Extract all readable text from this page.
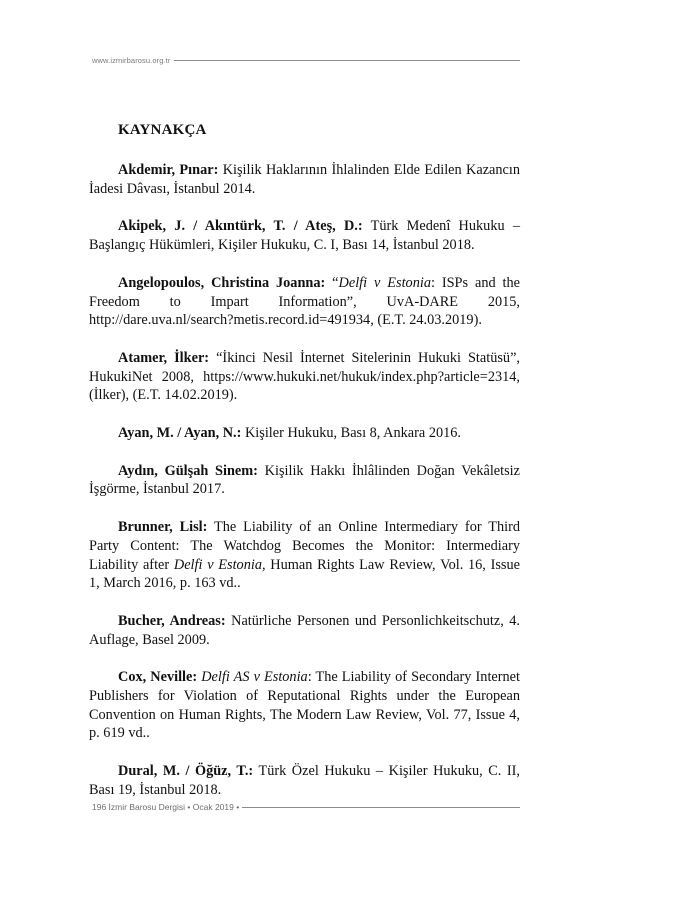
www.izmirbarosu.org.tr
KAYNAKÇA

Akdemir, Pınar: Kişilik Haklarının İhlalinden Elde Edilen Kazancın İadesi Dâvası, İstanbul 2014.

Akipek, J. / Akıntürk, T. / Ateş, D.: Türk Medenî Hukuku – Başlangıç Hükümleri, Kişiler Hukuku, C. I, Bası 14, İstanbul 2018.

Angelopoulos, Christina Joanna: “Delfi v Estonia: ISPs and the Freedom to Impart Information”, UvA-DARE 2015, http://dare.uva.nl/search?metis.record.id=491934, (E.T. 24.03.2019).

Atamer, İlker: “İkinci Nesil İnternet Sitelerinin Hukuki Statüsü”, HukukiNet 2008, https://www.hukuki.net/hukuk/index.php?article=2314, (İlker), (E.T. 14.02.2019).

Ayan, M. / Ayan, N.: Kişiler Hukuku, Bası 8, Ankara 2016.

Aydın, Gülşah Sinem: Kişilik Hakkı İhlâlinden Doğan Vekâletsiz İşgörme, İstanbul 2017.

Brunner, Lisl: The Liability of an Online Intermediary for Third Party Content: The Watchdog Becomes the Monitor: Intermediary Liability after Delfi v Estonia, Human Rights Law Review, Vol. 16, Issue 1, March 2016, p. 163 vd..

Bucher, Andreas: Natürliche Personen und Personlichkeitschutz, 4. Auflage, Basel 2009.

Cox, Neville: Delfi AS v Estonia: The Liability of Secondary Internet Publishers for Violation of Reputational Rights under the European Convention on Human Rights, The Modern Law Review, Vol. 77, Issue 4, p. 619 vd..

Dural, M. / Öğüz, T.: Türk Özel Hukuku – Kişiler Hukuku, C. II, Bası 19, İstanbul 2018.

196 İzmir Barosu Dergisi • Ocak 2019 •
